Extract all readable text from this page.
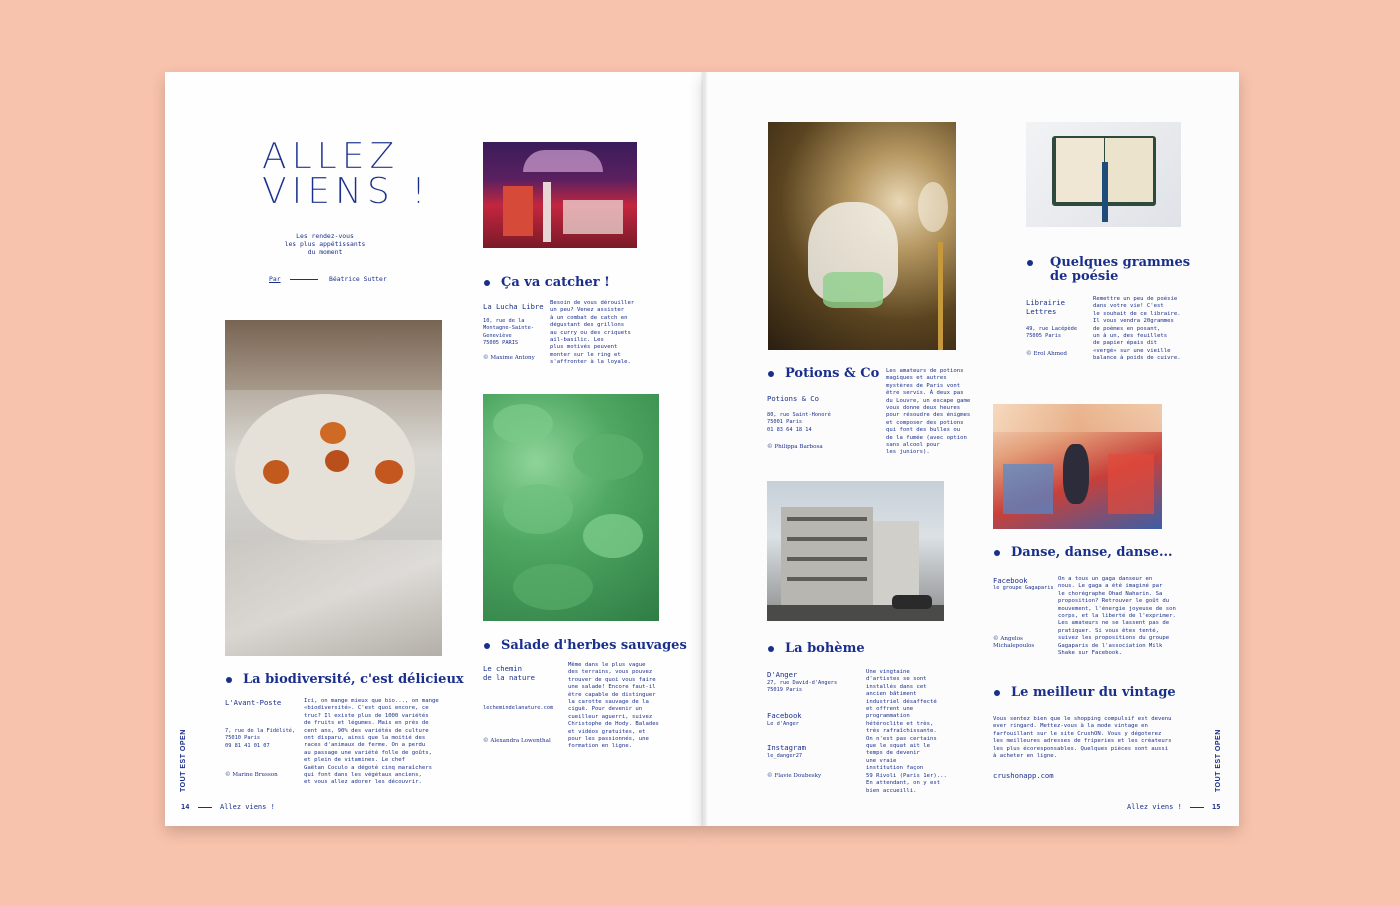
ALLEZ
VIENS !
Les rendez-vous
les plus appétissants
du moment
Par	Béatrice Sutter	Ça va catcher !
La Lucha Libre
10, rue de la
Montagne-Sainte-
Geneviève
75005 PARIS
© Maxime Antony
Besoin de vous dérouiller
un peu? Venez assister
à un combat de catch en
dégustant des grillons
au curry ou des criquets
ail-basilic. Les
plus motivés peuvent
monter sur le ring et
s'affronter à la loyale.
Salade d'herbes sauvages
Le chemin
de la nature
lechemindelanature.com
© Alexandra Lowenthal
Même dans le plus vague
des terrains, vous pouvez
trouver de quoi vous faire
une salade! Encore faut-il
être capable de distinguer
la carotte sauvage de la
ciguë. Pour devenir un
cueilleur aguerri, suivez
Christophe de Hody. Balades
et vidéos gratuites, et
pour les passionnés, une
formation en ligne.
La biodiversité, c'est délicieux
L'Avant-Poste
7, rue de la Fidélité,
75010 Paris
09 81 41 01 07
© Marine Brusson
Ici, on mange mieux que bio..., on mange
«biodiversité». C'est quoi encore, ce
truc? Il existe plus de 1000 variétés
de fruits et légumes. Mais en près de
cent ans, 90% des variétés de culture
ont disparu, ainsi que la moitié des
races d'animaux de ferme. On a perdu
au passage une variété folle de goûts,
et plein de vitamines. Le chef
Gaëtan Coculo a dégoté cinq maraîchers
qui font dans les végétaux anciens,
et vous allez adorer les découvrir.
TOUT EST OPEN
14	Allez viens !
Potions & Co
Potions & Co
80, rue Saint-Honoré
75001 Paris
01 83 64 18 14
© Philippa Barbosa
Les amateurs de potions
magiques et autres
mystères de Paris vont
être servis. À deux pas
du Louvre, un escape game
vous donne deux heures
pour résoudre des énigmes
et composer des potions
qui font des bulles ou
de la fumée (avec option
sans alcool pour
les juniors).
Quelques grammes
de poésie
Librairie
Lettres
49, rue Lacépède
75005 Paris
© Erol Ahmed
Remettre un peu de poésie
dans votre vie! C'est
le souhait de ce libraire.
Il vous vendra 20grammes
de poèmes en posant,
un à un, des feuillets
de papier épais dit
«vergé» sur une vieille
balance à poids de cuivre.
Danse, danse, danse...
Facebook
le groupe Gagaparis
© Angelos
Michalepoulos
On a tous un gaga danseur en
nous. Le gaga a été imaginé par
le chorégraphe Ohad Naharin. Sa
proposition? Retrouver le goût du
mouvement, l'énergie joyeuse de son
corps, et la liberté de l'exprimer.
Les amateurs ne se lassent pas de
pratiquer. Si vous êtes tenté,
suivez les propositions du groupe
Gagaparis de l'association Milk
Shake sur Facebook.
La bohème
D'Anger
27, rue David-d'Angers
75019 Paris
Facebook
Le d'Anger
Instagram
le_danger27
© Flavie Doubesky
Une vingtaine
d'artistes se sont
installés dans cet
ancien bâtiment
industriel désaffecté
et offrent une
programmation
hétéroclite et très,
très rafraîchissante.
On n'est pas certains
que le squat ait le
temps de devenir
une vraie
institution façon
59 Rivoli (Paris 1er)...
En attendant, on y est
bien accueilli.
Le meilleur du vintage
Vous sentez bien que le shopping compulsif est devenu
ever ringard. Mettez-vous à la mode vintage en
farfouillant sur le site CrushON. Vous y dégoterez
les meilleures adresses de friperies et les créateurs
les plus écoresponsables. Quelques pièces sont aussi
à acheter en ligne.
crushonapp.com	TOUT EST OPEN
Allez viens !	15
